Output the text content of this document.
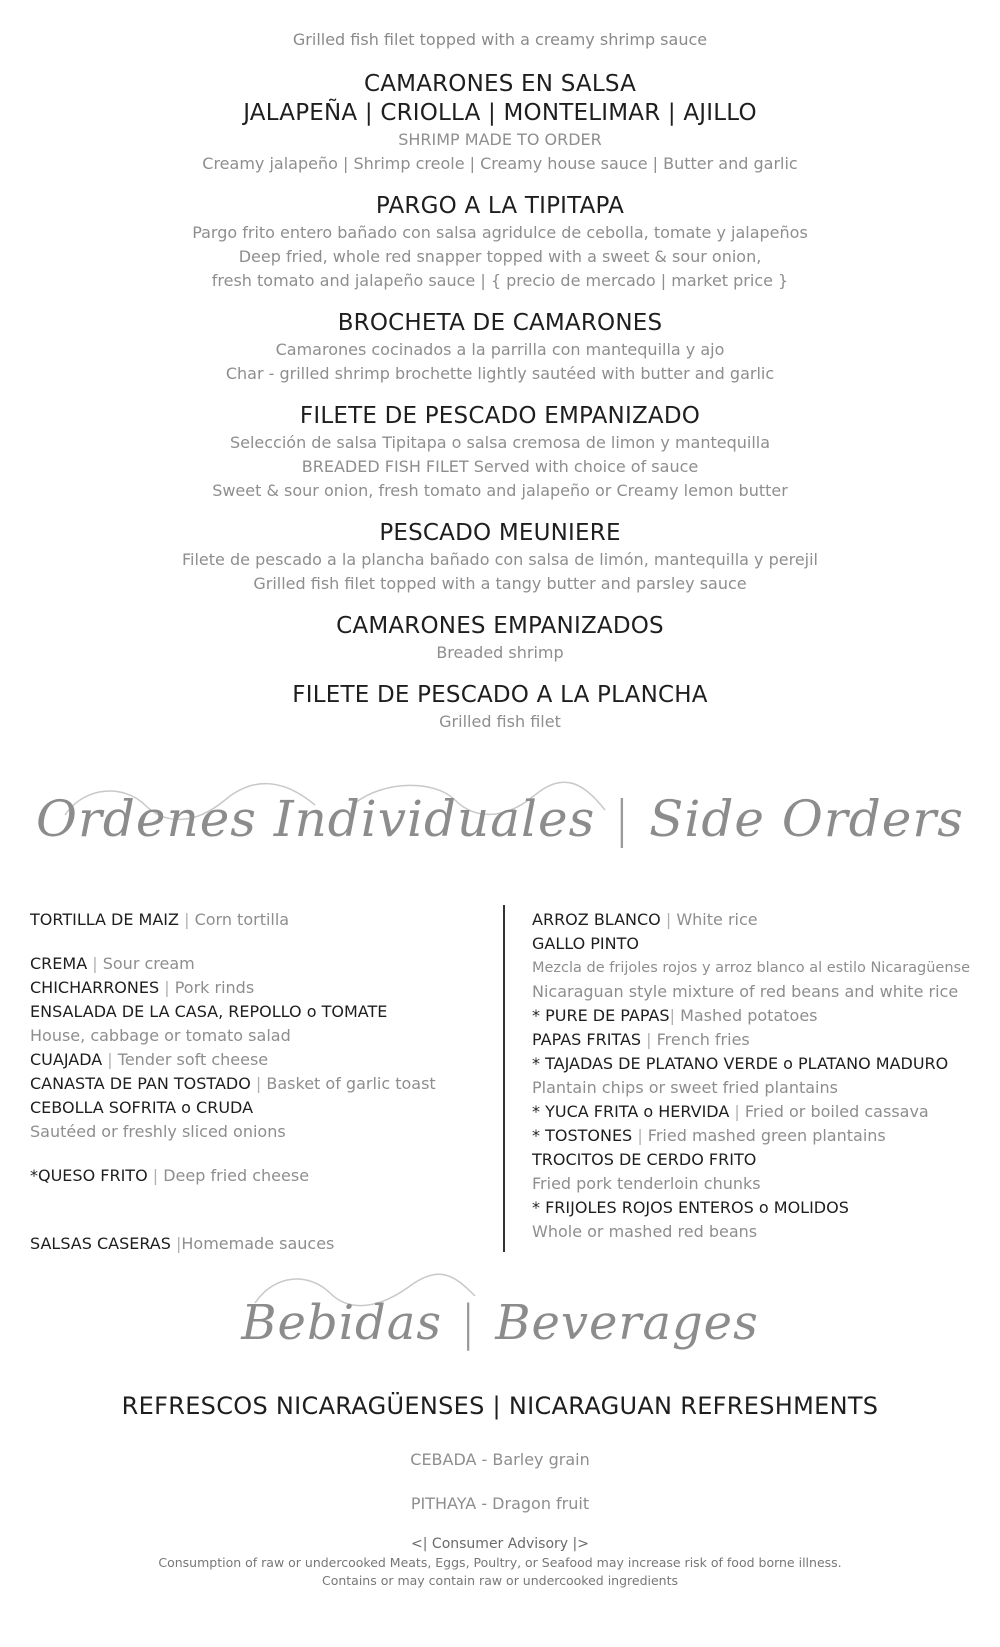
Grilled fish filet topped with a creamy shrimp sauce
CAMARONES EN SALSA
JALAPEÑA | CRIOLLA | MONTELIMAR | AJILLO
SHRIMP MADE TO ORDER
Creamy jalapeño | Shrimp creole | Creamy house sauce | Butter and garlic
PARGO A LA TIPITAPA
Pargo frito entero bañado con salsa agridulce de cebolla, tomate y jalapeños
Deep fried, whole red snapper topped with a sweet & sour onion,
fresh tomato and jalapeño sauce | { precio de mercado | market price }
BROCHETA DE CAMARONES
Camarones cocinados a la parrilla con mantequilla y ajo
Char - grilled shrimp brochette lightly sautéed with butter and garlic
FILETE DE PESCADO EMPANIZADO
Selección de salsa Tipitapa o salsa cremosa de limon y mantequilla
BREADED FISH FILET Served with choice of sauce
Sweet & sour onion, fresh tomato and jalapeño or Creamy lemon butter
PESCADO MEUNIERE
Filete de pescado a la plancha bañado con salsa de limón, mantequilla y perejil
Grilled fish filet topped with a tangy butter and parsley sauce
CAMARONES EMPANIZADOS
Breaded shrimp
FILETE DE PESCADO A LA PLANCHA
Grilled fish filet
Ordenes Individuales | Side Orders
TORTILLA DE MAIZ | Corn tortilla
CREMA | Sour cream
CHICHARRONES | Pork rinds
ENSALADA DE LA CASA, REPOLLO o TOMATE
House, cabbage or tomato salad
CUAJADA | Tender soft cheese
CANASTA DE PAN TOSTADO | Basket of garlic toast
CEBOLLA SOFRITA o CRUDA
Sautéed or freshly sliced onions
*QUESO FRITO | Deep fried cheese
SALSAS CASERAS |Homemade sauces
ARROZ BLANCO | White rice
GALLO PINTO
Mezcla de frijoles rojos y arroz blanco al estilo Nicaragüense
Nicaraguan style mixture of red beans and white rice
* PURE DE PAPAS| Mashed potatoes
PAPAS FRITAS | French fries
* TAJADAS DE PLATANO VERDE o PLATANO MADURO
Plantain chips or sweet fried plantains
* YUCA FRITA o HERVIDA | Fried or boiled cassava
* TOSTONES | Fried mashed green plantains
TROCITOS DE CERDO FRITO
Fried pork tenderloin chunks
* FRIJOLES ROJOS ENTEROS o MOLIDOS
Whole or mashed red beans
Bebidas | Beverages
REFRESCOS NICARAGÜENSES | NICARAGUAN REFRESHMENTS
CEBADA - Barley grain
PITHAYA - Dragon fruit
<| Consumer Advisory |>
Consumption of raw or undercooked Meats, Eggs, Poultry, or Seafood may increase risk of food borne illness.
Contains or may contain raw or undercooked ingredients
